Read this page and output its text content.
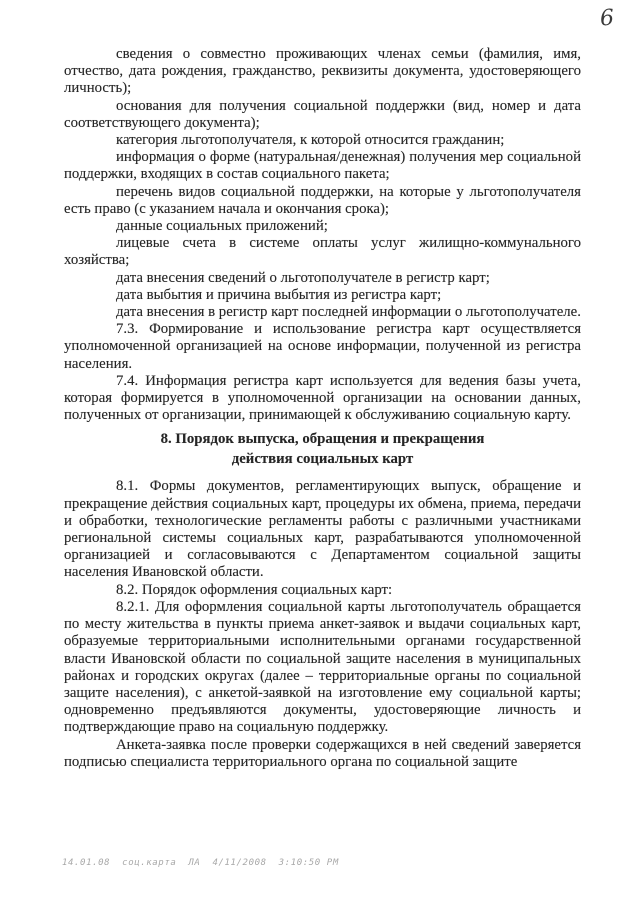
6

сведения о совместно проживающих членах семьи (фамилия, имя, отчество, дата рождения, гражданство, реквизиты документа, удостоверяющего личность);

основания для получения социальной поддержки (вид, номер и дата соответствующего документа);

категория льготополучателя, к которой относится гражданин;

информация о форме (натуральная/денежная) получения мер социальной поддержки, входящих в состав социального пакета;

перечень видов социальной поддержки, на которые у льготополучателя есть право (с указанием начала и окончания срока);

данные социальных приложений;

лицевые счета в системе оплаты услуг жилищно-коммунального хозяйства;

дата внесения сведений о льготополучателе в регистр карт;

дата выбытия и причина выбытия из регистра карт;

дата внесения в регистр карт последней информации о льготополучателе.

7.3. Формирование и использование регистра карт осуществляется уполномоченной организацией на основе информации, полученной из регистра населения.

7.4. Информация регистра карт используется для ведения базы учета, которая формируется в уполномоченной организации на основании данных, полученных от организации, принимающей к обслуживанию социальную карту.

8. Порядок выпуска, обращения и прекращения
действия социальных карт

8.1. Формы документов, регламентирующих выпуск, обращение и прекращение действия социальных карт, процедуры их обмена, приема, передачи и обработки, технологические регламенты работы с различными участниками региональной системы социальных карт, разрабатываются уполномоченной организацией и согласовываются с Департаментом социальной защиты населения Ивановской области.

8.2. Порядок оформления социальных карт:

8.2.1. Для оформления социальной карты льготополучатель обращается по месту жительства в пункты приема анкет-заявок и выдачи социальных карт, образуемые территориальными исполнительными органами государственной власти Ивановской области по социальной защите населения в муниципальных районах и городских округах (далее – территориальные органы по социальной защите населения), с анкетой-заявкой на изготовление ему социальной карты; одновременно предъявляются документы, удостоверяющие личность и подтверждающие право на социальную поддержку.

Анкета-заявка после проверки содержащихся в ней сведений заверяется подписью специалиста территориального органа по социальной защите

14.01.08  соц.карта  ЛА  4/11/2008  3:10:50 PM
